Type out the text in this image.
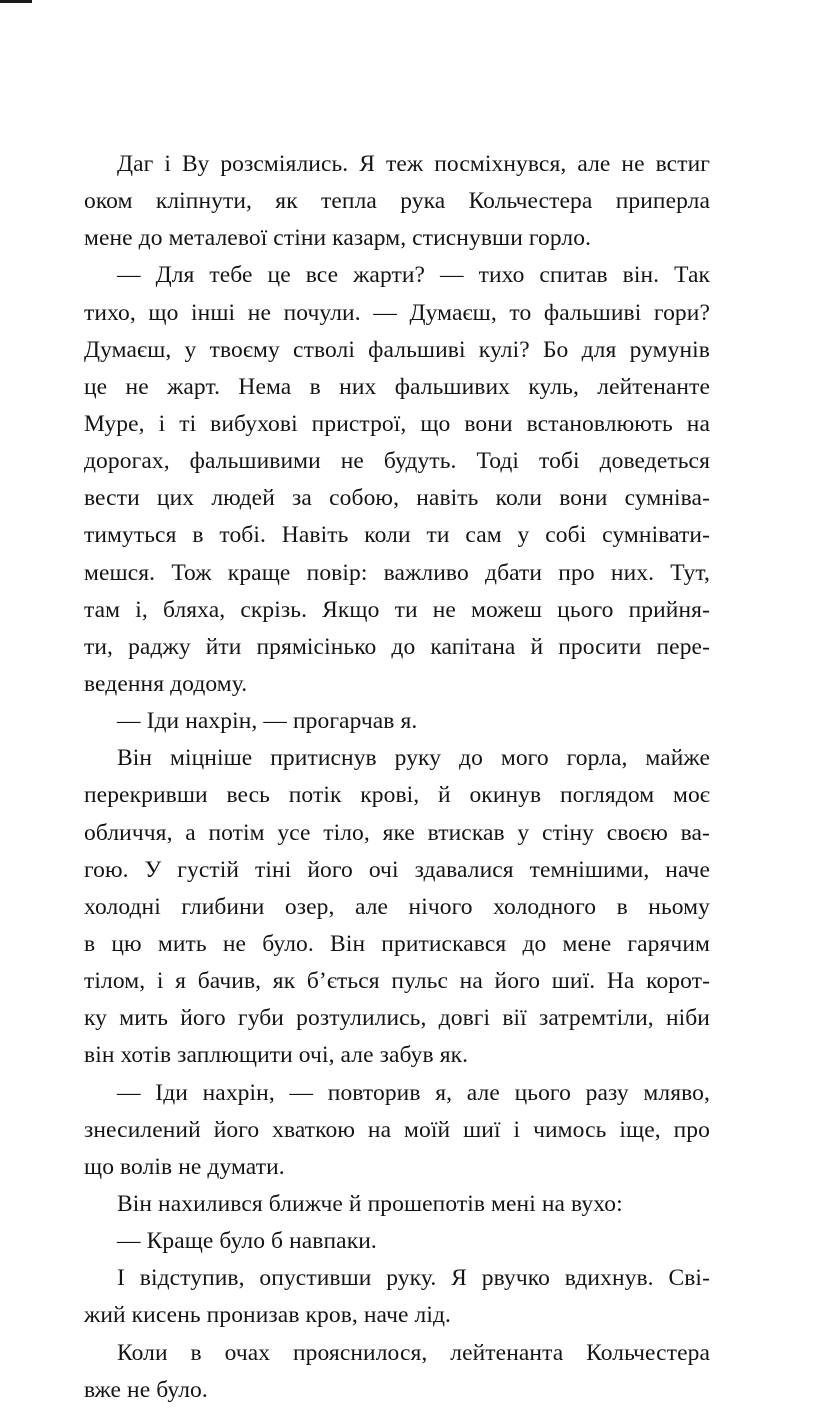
Даг і Ву розсміялись. Я теж посміхнувся, але не встиг
оком кліпнути, як тепла рука Кольчестера приперла
мене до металевої стіни казарм, стиснувши горло.
— Для тебе це все жарти? — тихо спитав він. Так
тихо, що інші не почули. — Думаєш, то фальшиві гори?
Думаєш, у твоєму стволі фальшиві кулі? Бо для румунів
це не жарт. Нема в них фальшивих куль, лейтенанте
Муре, і ті вибухові пристрої, що вони встановлюють на
дорогах, фальшивими не будуть. Тоді тобі доведеться
вести цих людей за собою, навіть коли вони сумніва-
тимуться в тобі. Навіть коли ти сам у собі сумнівати-
мешся. Тож краще повір: важливо дбати про них. Тут,
там і, бляха, скрізь. Якщо ти не можеш цього прийня-
ти, раджу йти прямісінько до капітана й просити пере-
ведення додому.
— Іди нахрін, — прогарчав я.
Він міцніше притиснув руку до мого горла, майже
перекривши весь потік крові, й окинув поглядом моє
обличчя, а потім усе тіло, яке втискав у стіну своєю ва-
гою. У густій тіні його очі здавалися темнішими, наче
холодні глибини озер, але нічого холодного в ньому
в цю мить не було. Він притискався до мене гарячим
тілом, і я бачив, як б’ється пульс на його шиї. На корот-
ку мить його губи розтулились, довгі вії затремтіли, ніби
він хотів заплющити очі, але забув як.
— Іди нахрін, — повторив я, але цього разу мляво,
знесилений його хваткою на моїй шиї і чимось іще, про
що волів не думати.
Він нахилився ближче й прошепотів мені на вухо:
— Краще було б навпаки.
І відступив, опустивши руку. Я рвучко вдихнув. Сві-
жий кисень пронизав кров, наче лід.
Коли в очах прояснилося, лейтенанта Кольчестера
вже не було.
